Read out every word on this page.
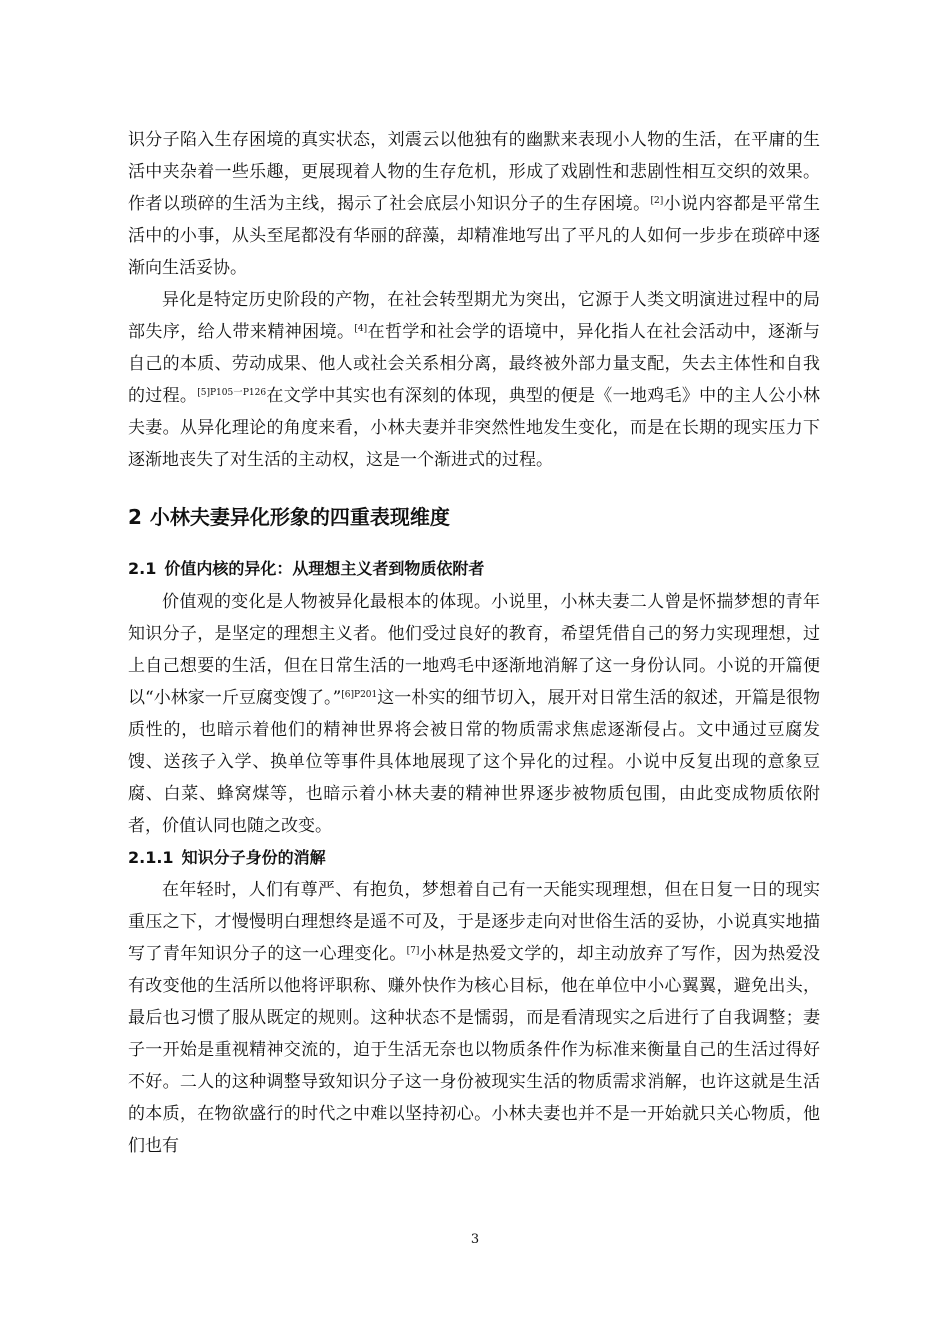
识分子陷入生存困境的真实状态，刘震云以他独有的幽默来表现小人物的生活，在平庸的生活中夹杂着一些乐趣，更展现着人物的生存危机，形成了戏剧性和悲剧性相互交织的效果。作者以琐碎的生活为主线，揭示了社会底层小知识分子的生存困境。[2]小说内容都是平常生活中的小事，从头至尾都没有华丽的辞藻，却精准地写出了平凡的人如何一步步在琐碎中逐渐向生活妥协。

异化是特定历史阶段的产物，在社会转型期尤为突出，它源于人类文明演进过程中的局部失序，给人带来精神困境。[4]在哲学和社会学的语境中，异化指人在社会活动中，逐渐与自己的本质、劳动成果、他人或社会关系相分离，最终被外部力量支配，失去主体性和自我的过程。$^{[5]P105一P126}$在文学中其实也有深刻的体现，典型的便是《一地鸡毛》中的主人公小林夫妻。从异化理论的角度来看，小林夫妻并非突然性地发生变化，而是在长期的现实压力下逐渐地丧失了对生活的主动权，这是一个渐进式的过程。

2 小林夫妻异化形象的四重表现维度
2.1 价值内核的异化：从理想主义者到物质依附者

价值观的变化是人物被异化最根本的体现。小说里，小林夫妻二人曾是怀揣梦想的青年知识分子，是坚定的理想主义者。他们受过良好的教育，希望凭借自己的努力实现理想，过上自己想要的生活，但在日常生活的一地鸡毛中逐渐地消解了这一身份认同。小说的开篇便以“小林家一斤豆腐变馊了。”$^{[6]P201}$这一朴实的细节切入，展开对日常生活的叙述，开篇是很物质性的，也暗示着他们的精神世界将会被日常的物质需求焦虑逐渐侵占。文中通过豆腐发馊、送孩子入学、换单位等事件具体地展现了这个异化的过程。小说中反复出现的意象豆腐、白菜、蜂窝煤等，也暗示着小林夫妻的精神世界逐步被物质包围，由此变成物质依附者，价值认同也随之改变。

2.1.1 知识分子身份的消解

在年轻时，人们有尊严、有抱负，梦想着自己有一天能实现理想，但在日复一日的现实重压之下，才慢慢明白理想终是遥不可及，于是逐步走向对世俗生活的妥协，小说真实地描写了青年知识分子的这一心理变化。[7]小林是热爱文学的，却主动放弃了写作，因为热爱没有改变他的生活所以他将评职称、赚外快作为核心目标，他在单位中小心翼翼，避免出头，最后也习惯了服从既定的规则。这种状态不是懦弱，而是看清现实之后进行了自我调整；妻子一开始是重视精神交流的，迫于生活无奈也以物质条件作为标准来衡量自己的生活过得好不好。二人的这种调整导致知识分子这一身份被现实生活的物质需求消解，也许这就是生活的本质，在物欲盛行的时代之中难以坚持初心。小林夫妻也并不是一开始就只关心物质，他们也有

3
